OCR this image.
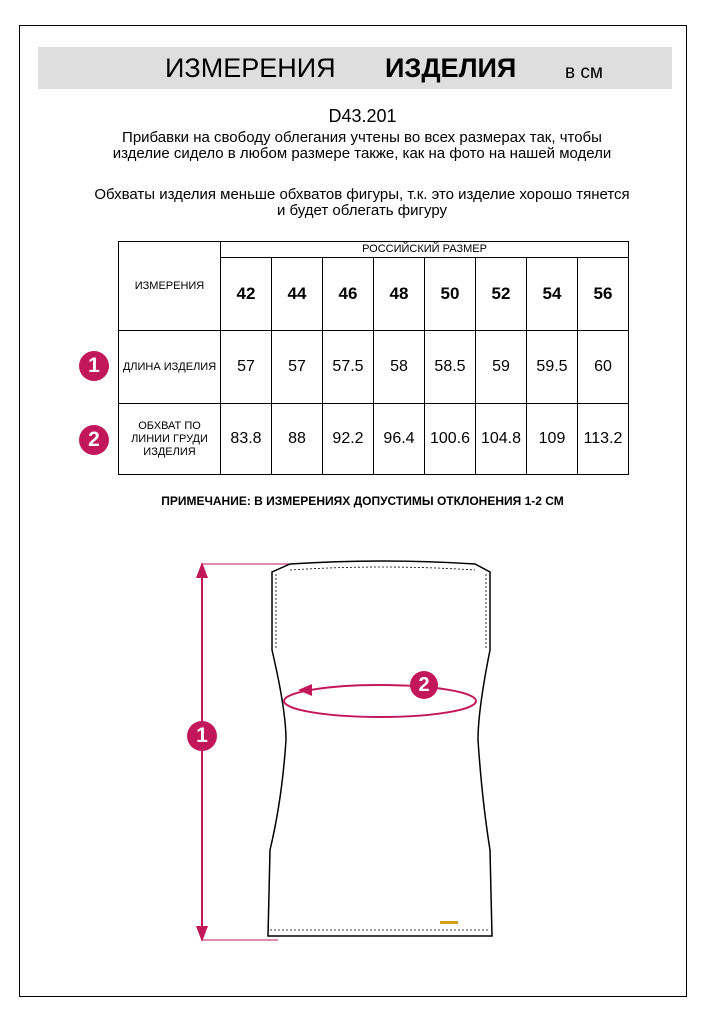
ИЗМЕРЕНИЯ ИЗДЕЛИЯ	в см
D43.201
Прибавки на свободу облегания учтены во всех размерах так, чтобы изделие сидело в любом размере также, как на фото на нашей модели
Обхваты изделия меньше обхватов фигуры, т.к. это изделие хорошо тянется и будет облегать фигуру
ИЗМЕРЕНИЯ	РОССИЙСКИЙ РАЗМЕР							
	42	44	46	48	50	52	54	56
ДЛИНА ИЗДЕЛИЯ	57	57	57.5	58	58.5	59	59.5	60
ОБХВАТ ПО ЛИНИИ ГРУДИ ИЗДЕЛИЯ	83.8	88	92.2	96.4	100.6	104.8	109	113.2
1
2
ПРИМЕЧАНИЕ: В ИЗМЕРЕНИЯХ ДОПУСТИМЫ ОТКЛОНЕНИЯ 1-2 СМ
2
1
